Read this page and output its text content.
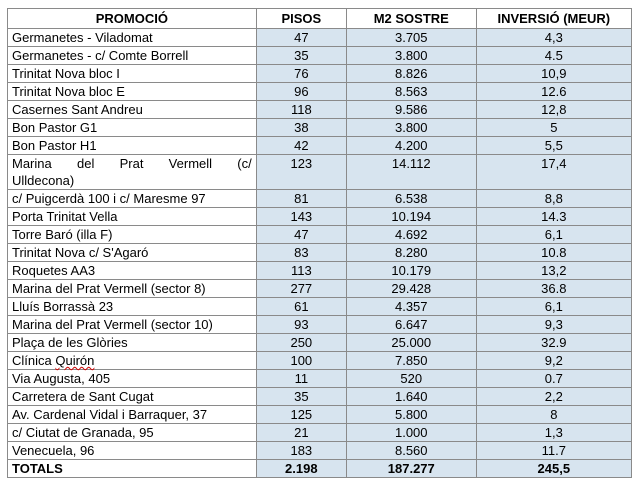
PROMOCIÓ	PISOS	M2 SOSTRE	INVERSIÓ (MEUR)
Germanetes - Viladomat	47	3.705	4,3
Germanetes - c/ Comte Borrell	35	3.800	4.5
Trinitat Nova bloc I	76	8.826	10,9
Trinitat Nova bloc E	96	8.563	12.6
Casernes Sant Andreu	118	9.586	12,8
Bon Pastor G1	38	3.800	5
Bon Pastor H1	42	4.200	5,5

Marina del Prat Vermell (c/
Ulldecona)	123	14.112	17,4
c/ Puigcerdà 100 i c/ Maresme 97	81	6.538	8,8
Porta Trinitat Vella	143	10.194	14.3
Torre Baró (illa F)	47	4.692	6,1
Trinitat Nova c/ S'Agaró	83	8.280	10.8
Roquetes AA3	113	10.179	13,2
Marina del Prat Vermell (sector 8)	277	29.428	36.8
Lluís Borrassà 23	61	4.357	6,1
Marina del Prat Vermell (sector 10)	93	6.647	9,3
Plaça de les Glòries	250	25.000	32.9
Clínica Quirón	100	7.850	9,2
Via Augusta, 405	11	520	0.7
Carretera de Sant Cugat	35	1.640	2,2
Av. Cardenal Vidal i Barraquer, 37	125	5.800	8
c/ Ciutat de Granada, 95	21	1.000	1,3
Venecuela, 96	183	8.560	11.7
TOTALS	2.198	187.277	245,5
